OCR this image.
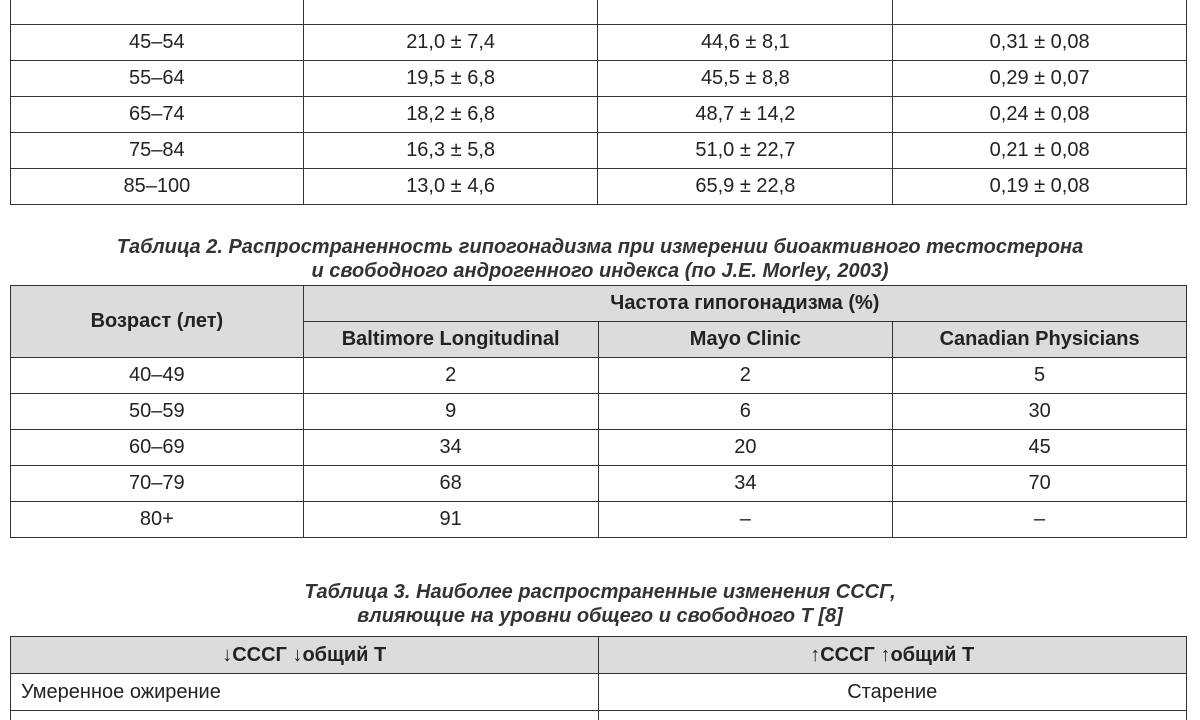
45–54	21,0 ± 7,4	44,6 ± 8,1	0,31 ± 0,08
55–64	19,5 ± 6,8	45,5 ± 8,8	0,29 ± 0,07
65–74	18,2 ± 6,8	48,7 ± 14,2	0,24 ± 0,08
75–84	16,3 ± 5,8	51,0 ± 22,7	0,21 ± 0,08
85–100	13,0 ± 4,6	65,9 ± 22,8	0,19 ± 0,08
Таблица 2. Распространенность гипогонадизма при измерении биоактивного тестостерона
и свободного андрогенного индекса (по J.E. Morley, 2003)
Возраст (лет)	Частота гипогонадизма (%)		
	Baltimore Longitudinal	Mayo Clinic	Canadian Physicians
40–49	2	2	5
50–59	9	6	30
60–69	34	20	45
70–79	68	34	70
80+	91	–	–
Таблица 3. Наиболее распространенные изменения СССГ,
влияющие на уровни общего и свободного Т [8]
↓СССГ ↓общий Т	↑СССГ ↑общий Т
Умеренное ожирение	Старение
